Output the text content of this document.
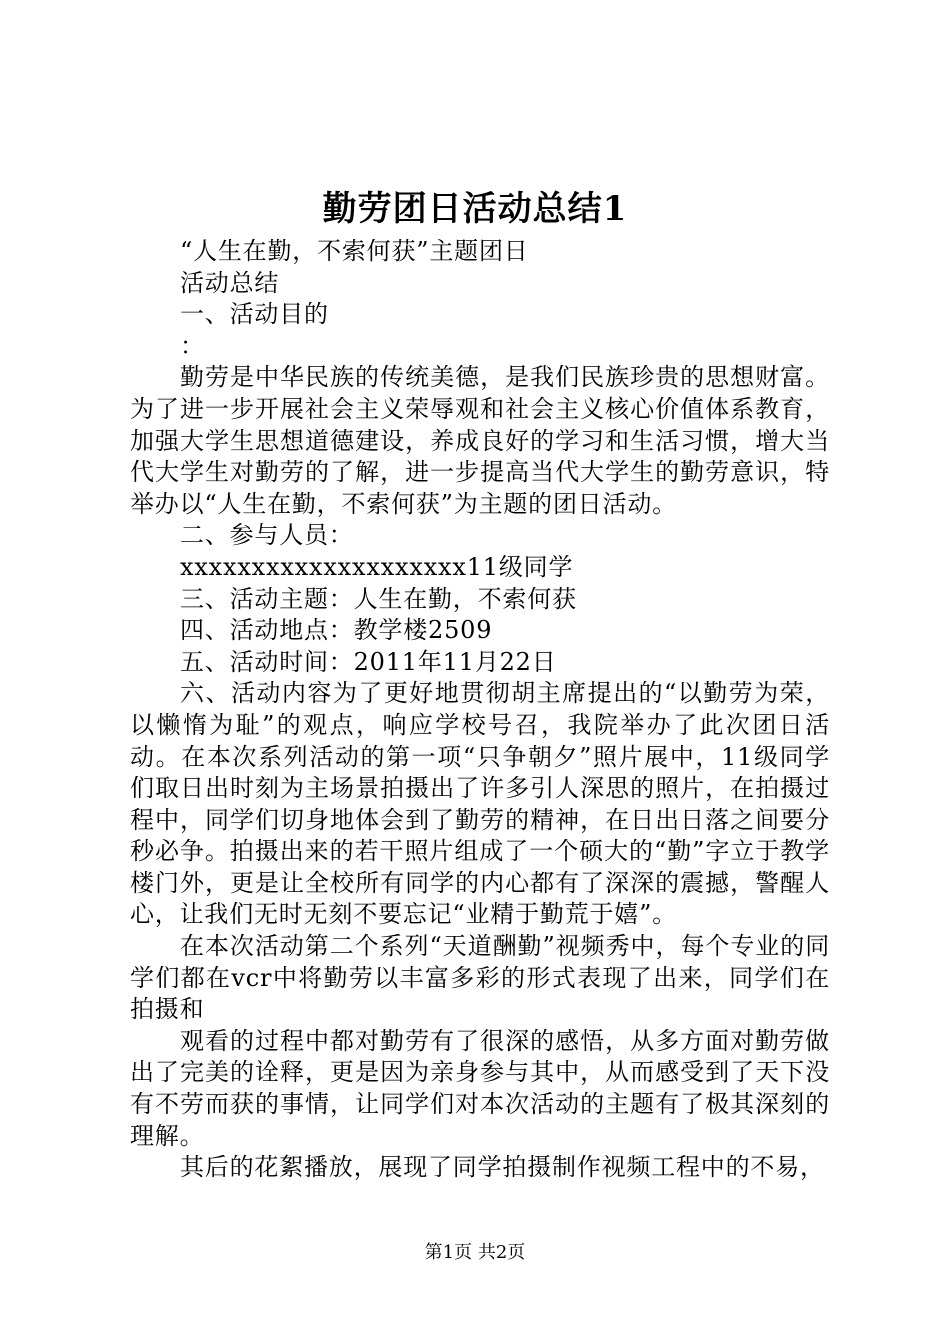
勤劳团日活动总结1

“人生在勤，不索何获”主题团日

活动总结

一、活动目的

：

勤劳是中华民族的传统美德，是我们民族珍贵的思想财富。为了进一步开展社会主义荣辱观和社会主义核心价值体系教育，加强大学生思想道德建设，养成良好的学习和生活习惯，增大当代大学生对勤劳的了解，进一步提高当代大学生的勤劳意识，特举办以“人生在勤，不索何获”为主题的团日活动。

二、参与人员：

xxxxxxxxxxxxxxxxxxxx11级同学

三、活动主题：人生在勤，不索何获

四、活动地点：教学楼2509

五、活动时间：2011年11月22日

六、活动内容为了更好地贯彻胡主席提出的“以勤劳为荣，以懒惰为耻”的观点，响应学校号召，我院举办了此次团日活动。在本次系列活动的第一项“只争朝夕”照片展中，11级同学们取日出时刻为主场景拍摄出了许多引人深思的照片，在拍摄过程中，同学们切身地体会到了勤劳的精神，在日出日落之间要分秒必争。拍摄出来的若干照片组成了一个硕大的“勤”字立于教学楼门外，更是让全校所有同学的内心都有了深深的震撼，警醒人心，让我们无时无刻不要忘记“业精于勤荒于嬉”。

在本次活动第二个系列“天道酬勤”视频秀中，每个专业的同学们都在vcr中将勤劳以丰富多彩的形式表现了出来，同学们在拍摄和

观看的过程中都对勤劳有了很深的感悟，从多方面对勤劳做出了完美的诠释，更是因为亲身参与其中，从而感受到了天下没有不劳而获的事情，让同学们对本次活动的主题有了极其深刻的理解。

其后的花絮播放，展现了同学拍摄制作视频工程中的不易，

第1页 共2页
